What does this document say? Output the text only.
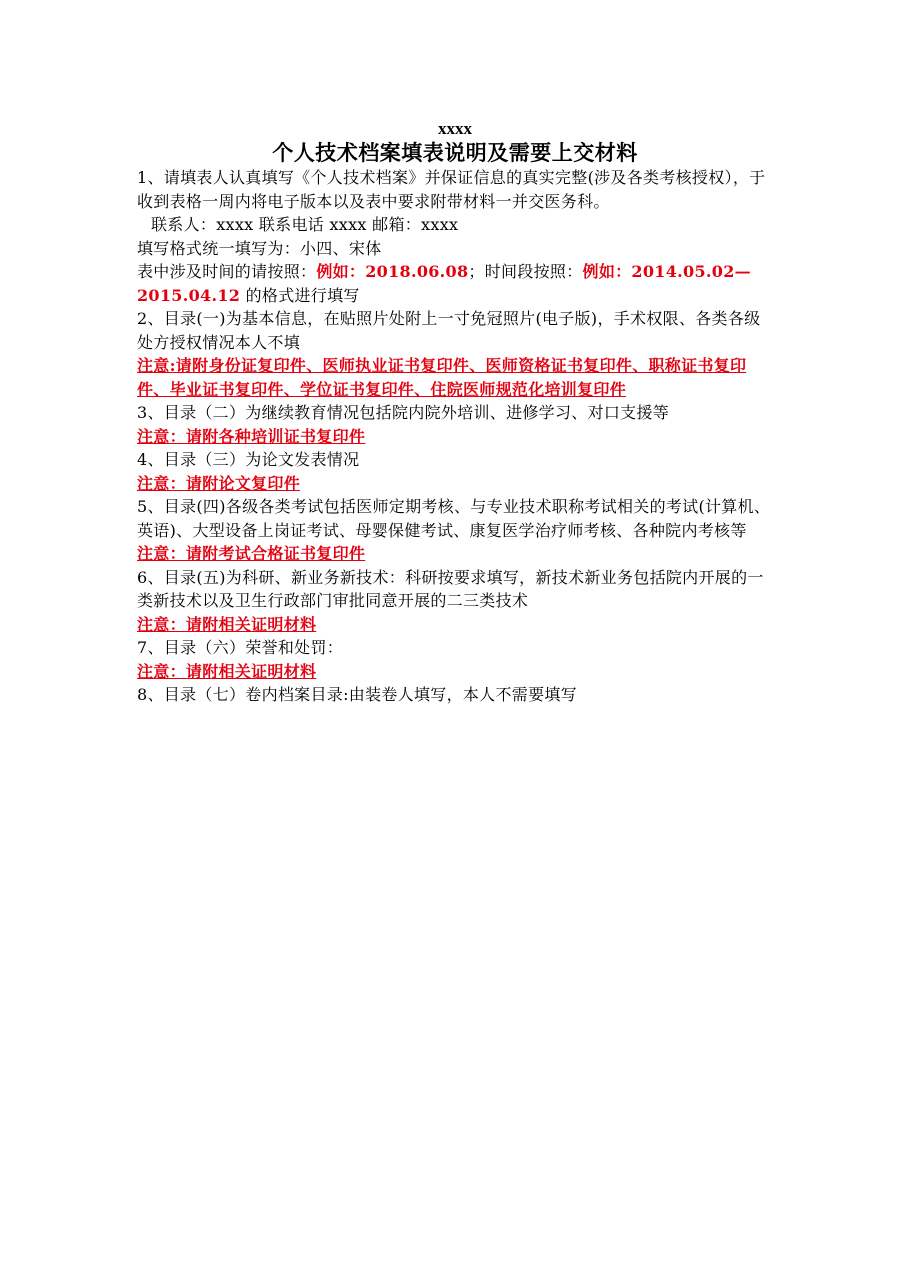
xxxx
个人技术档案填表说明及需要上交材料

1、请填表人认真填写《个人技术档案》并保证信息的真实完整(涉及各类考核授权），于收到表格一周内将电子版本以及表中要求附带材料一并交医务科。

联系人：xxxx 联系电话 xxxx 邮箱：xxxx

填写格式统一填写为：小四、宋体

表中涉及时间的请按照：例如：2018.06.08；时间段按照：例如：2014.05.02—2015.04.12 的格式进行填写

2、目录(一)为基本信息，在贴照片处附上一寸免冠照片(电子版)，手术权限、各类各级处方授权情况本人不填

注意:请附身份证复印件、医师执业证书复印件、医师资格证书复印件、职称证书复印件、毕业证书复印件、学位证书复印件、住院医师规范化培训复印件

3、目录（二）为继续教育情况包括院内院外培训、进修学习、对口支援等

注意：请附各种培训证书复印件

4、目录（三）为论文发表情况

注意：请附论文复印件

5、目录(四)各级各类考试包括医师定期考核、与专业技术职称考试相关的考试(计算机、英语)、大型设备上岗证考试、母婴保健考试、康复医学治疗师考核、各种院内考核等

注意：请附考试合格证书复印件

6、目录(五)为科研、新业务新技术：科研按要求填写，新技术新业务包括院内开展的一类新技术以及卫生行政部门审批同意开展的二三类技术

注意：请附相关证明材料

7、目录（六）荣誉和处罚：

注意：请附相关证明材料

8、目录（七）卷内档案目录:由装卷人填写，本人不需要填写
